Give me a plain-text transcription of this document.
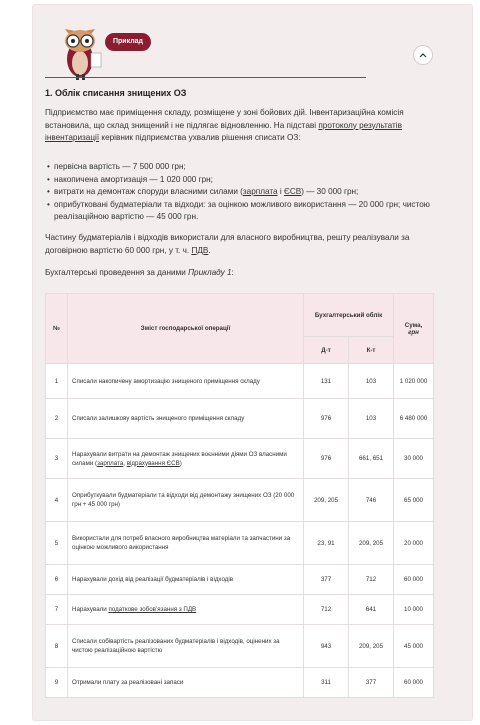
Приклад
1. Облік списання знищених ОЗ
Підприємство має приміщення складу, розміщене у зоні бойових дій. Інвентаризаційна комісія встановила, що склад знищений і не підлягає відновленню. На підставі протоколу результатів інвентаризації керівник підприємства ухвалив рішення списати ОЗ:
• первісна вартість — 7 500 000 грн;
• накопичена амортизація — 1 020 000 грн;
• витрати на демонтаж споруди власними силами (зарплата і ЄСВ) — 30 000 грн;
• оприбутковані будматеріали та відходи: за оцінкою можливого використання — 20 000 грн; чистою реалізаційною вартістю — 45 000 грн.
Частину будматеріалів і відходів використали для власного виробництва, решту реалізували за договірною вартістю 60 000 грн, у т. ч. ПДВ.
Бухгалтерські проведення за даними Прикладу 1:
№	Зміст господарської операції	Бухгалтерський облік		Сума,
грн
		Д-т	К-т	
1	Списали накопичену амортизацію знищеного приміщення складу	131	103	1 020 000
2	Списали залишкову вартість знищеного приміщення складу	976	103	6 480 000
3	Нарахували витрати на демонтаж знищених воєнними діями ОЗ власними силами (зарплата, відрахування ЄСВ)	976	661, 651	30 000
4	Оприбуткували будматеріали та відходи від демонтажу знищених ОЗ (20 000 грн + 45 000 грн)	209, 205	746	65 000
5	Використали для потреб власного виробництва матеріали та запчастини за оцінкою можливого використання	23, 91	209, 205	20 000
6	Нарахували дохід від реалізації будматеріалів і відходів	377	712	60 000
7	Нарахували податкове зобов’язання з ПДВ	712	641	10 000
8	Списали собівартість реалізованих будматеріалів і відходів, оцінених за чистою реалізаційною вартістю	943	209, 205	45 000
9	Отримали плату за реалізовані запаси	311	377	60 000
